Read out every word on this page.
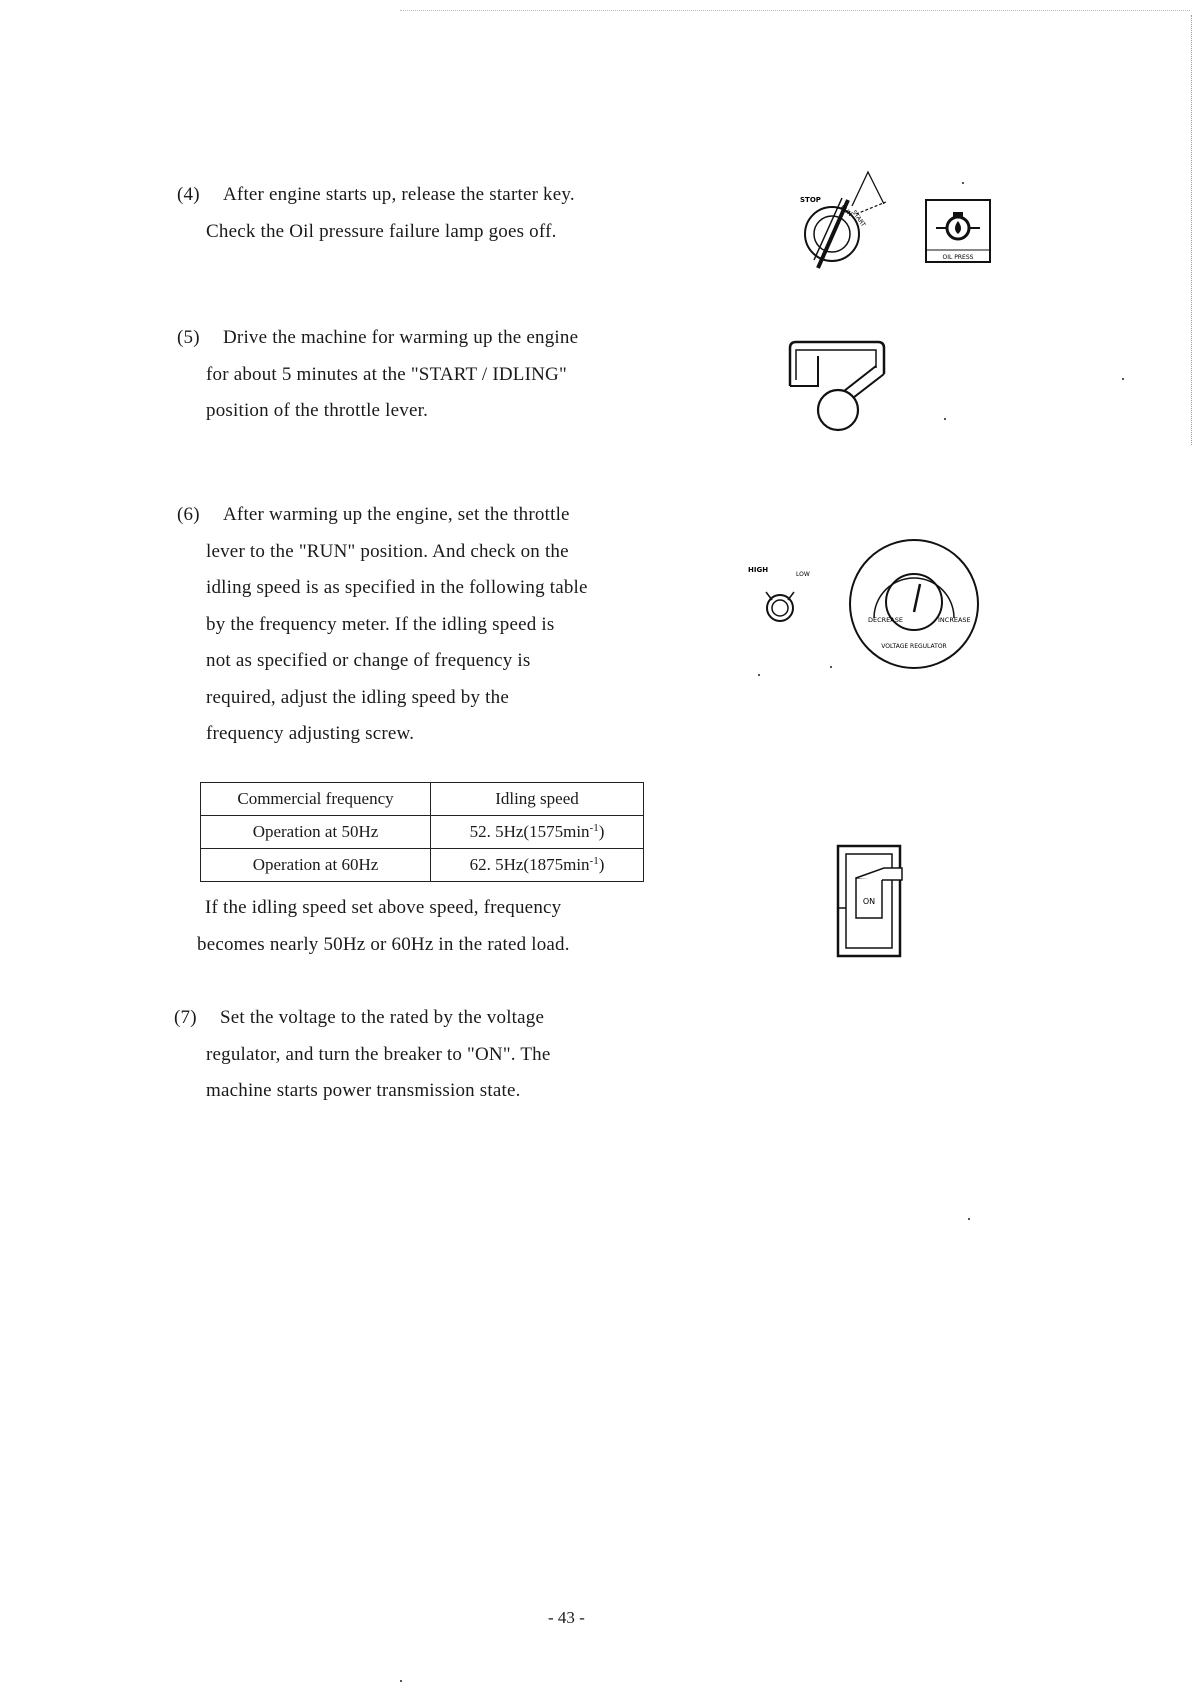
(4) After engine starts up, release the starter key.
Check the Oil pressure failure lamp goes off.
(5) Drive the machine for warming up the engine
for about 5 minutes at the "START / IDLING"
position of the throttle lever.
(6) After warming up the engine, set the throttle
lever to the "RUN" position. And check on the
idling speed is as specified in the following table
by the frequency meter. If the idling speed is
not as specified or change of frequency is
required, adjust the idling speed by the
frequency adjusting screw.
Commercial frequency	Idling speed
Operation at 50Hz	52. $5Hz(1575\min^{-1})$
Operation at 60Hz	62. $5Hz(1875\min^{-1})$
If the idling speed set above speed, frequency
becomes nearly 50Hz or 60Hz in the rated load.
(7) Set the voltage to the rated by the voltage
regulator, and turn the breaker to "ON". The
machine starts power transmission state.
STOP
RUN
START
OIL PRESS
HIGH
LOW
DECREASE	INCREASE
VOLTAGE REGULATOR
ON
- 43 -
